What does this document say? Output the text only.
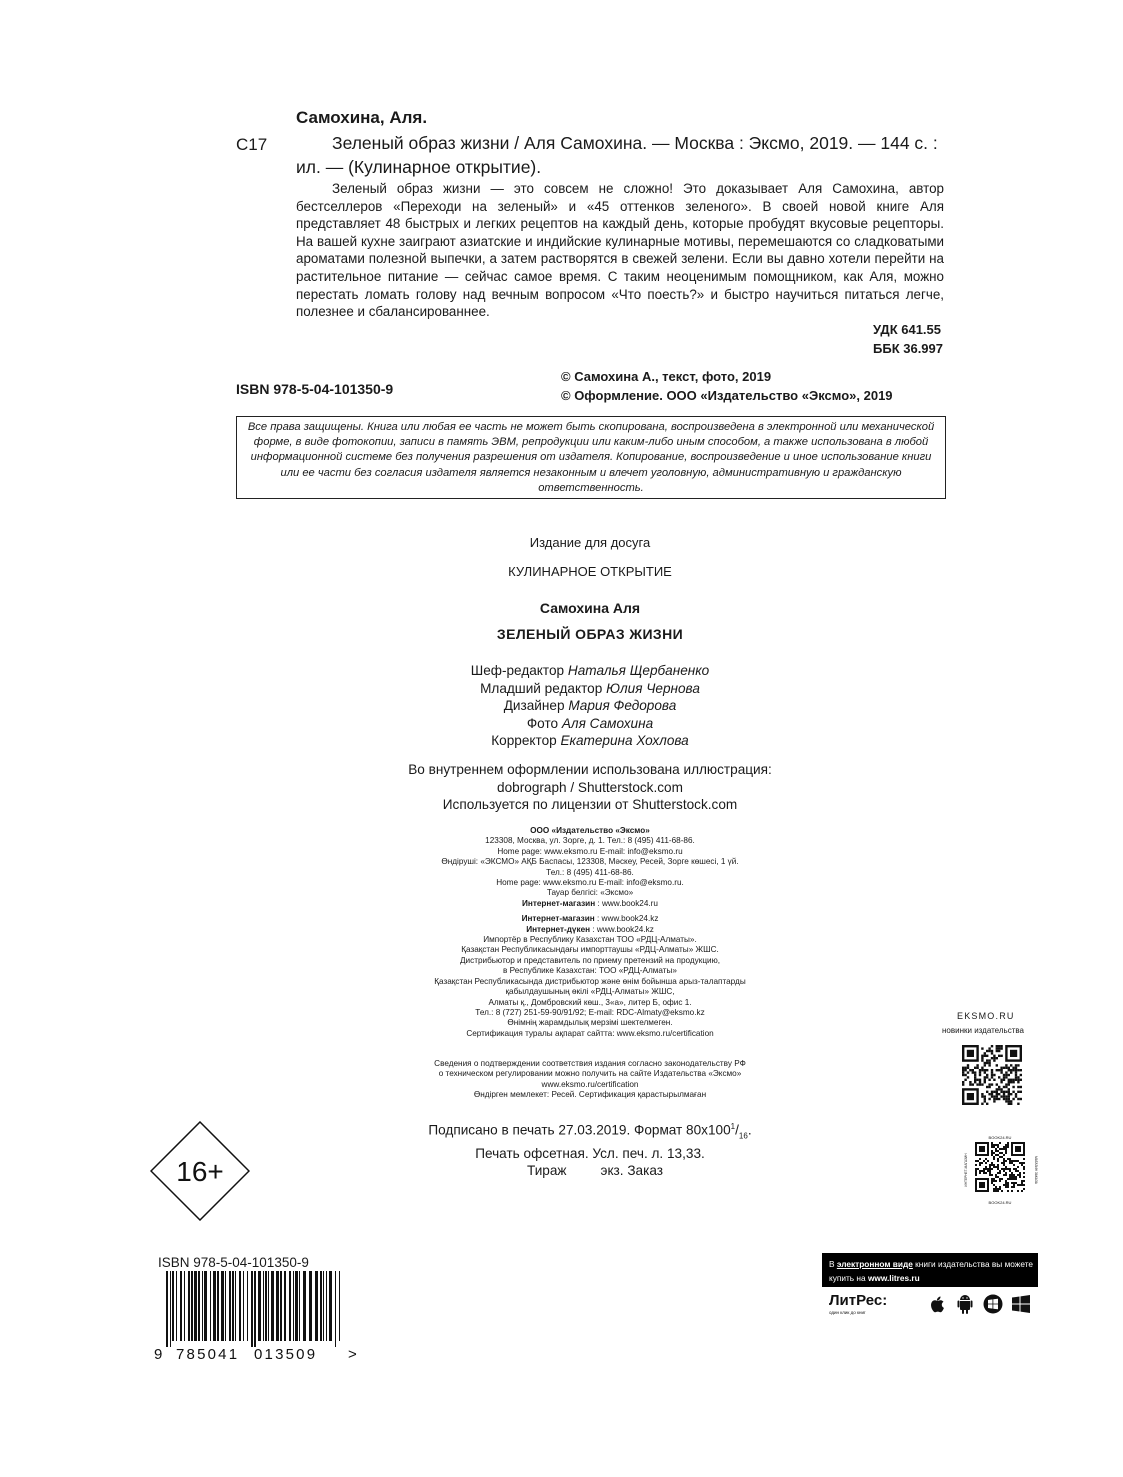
Самохина, Аля.
С17	Зеленый образ жизни / Аля Самохина. — Москва : Эксмо, 2019. — 144 с. : ил. — (Кулинарное открытие).
Зеленый образ жизни — это совсем не сложно! Это доказывает Аля Самохина, автор бестселлеров «Переходи на зеленый» и «45 оттенков зеленого». В своей новой книге Аля представляет 48 быстрых и легких рецептов на каждый день, которые пробудят вкусовые рецепторы. На вашей кухне заиграют азиатские и индийские кулинарные мотивы, перемешаются со сладковатыми ароматами полезной выпечки, а затем растворятся в свежей зелени. Если вы давно хотели перейти на растительное питание — сейчас самое время. С таким неоценимым помощником, как Аля, можно перестать ломать голову над вечным вопросом «Что поесть?» и быстро научиться питаться легче, полезнее и сбалансированнее.
УДК 641.55
ББК 36.997
ISBN 978-5-04-101350-9
© Самохина А., текст, фото, 2019
© Оформление. ООО «Издательство «Эксмо», 2019
Все права защищены. Книга или любая ее часть не может быть скопирована, воспроизведена в электронной или механической форме, в виде фотокопии, записи в память ЭВМ, репродукции или каким-либо иным способом, а также использована в любой информационной системе без получения разрешения от издателя. Копирование, воспроизведение и иное использование книги или ее части без согласия издателя является незаконным и влечет уголовную, административную и гражданскую ответственность.
Издание для досуга
КУЛИНАРНОЕ ОТКРЫТИЕ
Самохина Аля
ЗЕЛЕНЫЙ ОБРАЗ ЖИЗНИ
Шеф-редактор Наталья Щербаненко
Младший редактор Юлия Чернова
Дизайнер Мария Федорова
Фото Аля Самохина
Корректор Екатерина Хохлова
Во внутреннем оформлении использована иллюстрация:
dobrograph / Shutterstock.com
Используется по лицензии от Shutterstock.com
ООО «Издательство «Эксмо»
123308, Москва, ул. Зорге, д. 1. Тел.: 8 (495) 411-68-86.
Home page: www.eksmo.ru E-mail: info@eksmo.ru
Өндіруші: «ЭКСМО» АҚБ Баспасы, 123308, Мәскеу, Ресей, Зорге көшесі, 1 үй.
Тел.: 8 (495) 411-68-86.
Home page: www.eksmo.ru E-mail: info@eksmo.ru.
Тауар белгісі: «Эксмо»
Интернет-магазин : www.book24.ru
Интернет-магазин : www.book24.kz
Интернет-дүкен : www.book24.kz
Импортёр в Республику Казахстан ТОО «РДЦ-Алматы».
Қазақстан Республикасындағы импорттаушы «РДЦ-Алматы» ЖШС.
Дистрибьютор и представитель по приему претензий на продукцию,
в Республике Казахстан: ТОО «РДЦ-Алматы»
Қазақстан Республикасында дистрибьютор және өнім бойынша арыз-талаптарды
қабылдаушының өкілі «РДЦ-Алматы» ЖШС,
Алматы қ., Домбровский көш., 3«а», литер Б, офис 1.
Тел.: 8 (727) 251-59-90/91/92; E-mail: RDC-Almaty@eksmo.kz
Өнімнің жарамдылық мерзімі шектелмеген.
Сертификация туралы ақпарат сайтта: www.eksmo.ru/certification
Сведения о подтверждении соответствия издания согласно законодательству РФ
о техническом регулировании можно получить на сайте Издательства «Эксмо»
www.eksmo.ru/certification
Өндірген мемлекет: Ресей. Сертификация қарастырылмаған
Подписано в печать 27.03.2019. Формат $80х100^1/_{16}$.
Печать офсетная. Усл. печ. л. 13,33.
Тираж	экз. Заказ
16+
ISBN 978-5-04-101350-9
9 785041 013509 >
EKSMO.RU
новинки издательства
BOOK24.RU
BOOK24.RU
ИНТЕРНЕТ-МАГАЗИН	МАГАЗИН ЗАКАЗА
В электронном виде книги издательства вы можете
купить на www.litres.ru
ЛитРес:
один клик до книг
